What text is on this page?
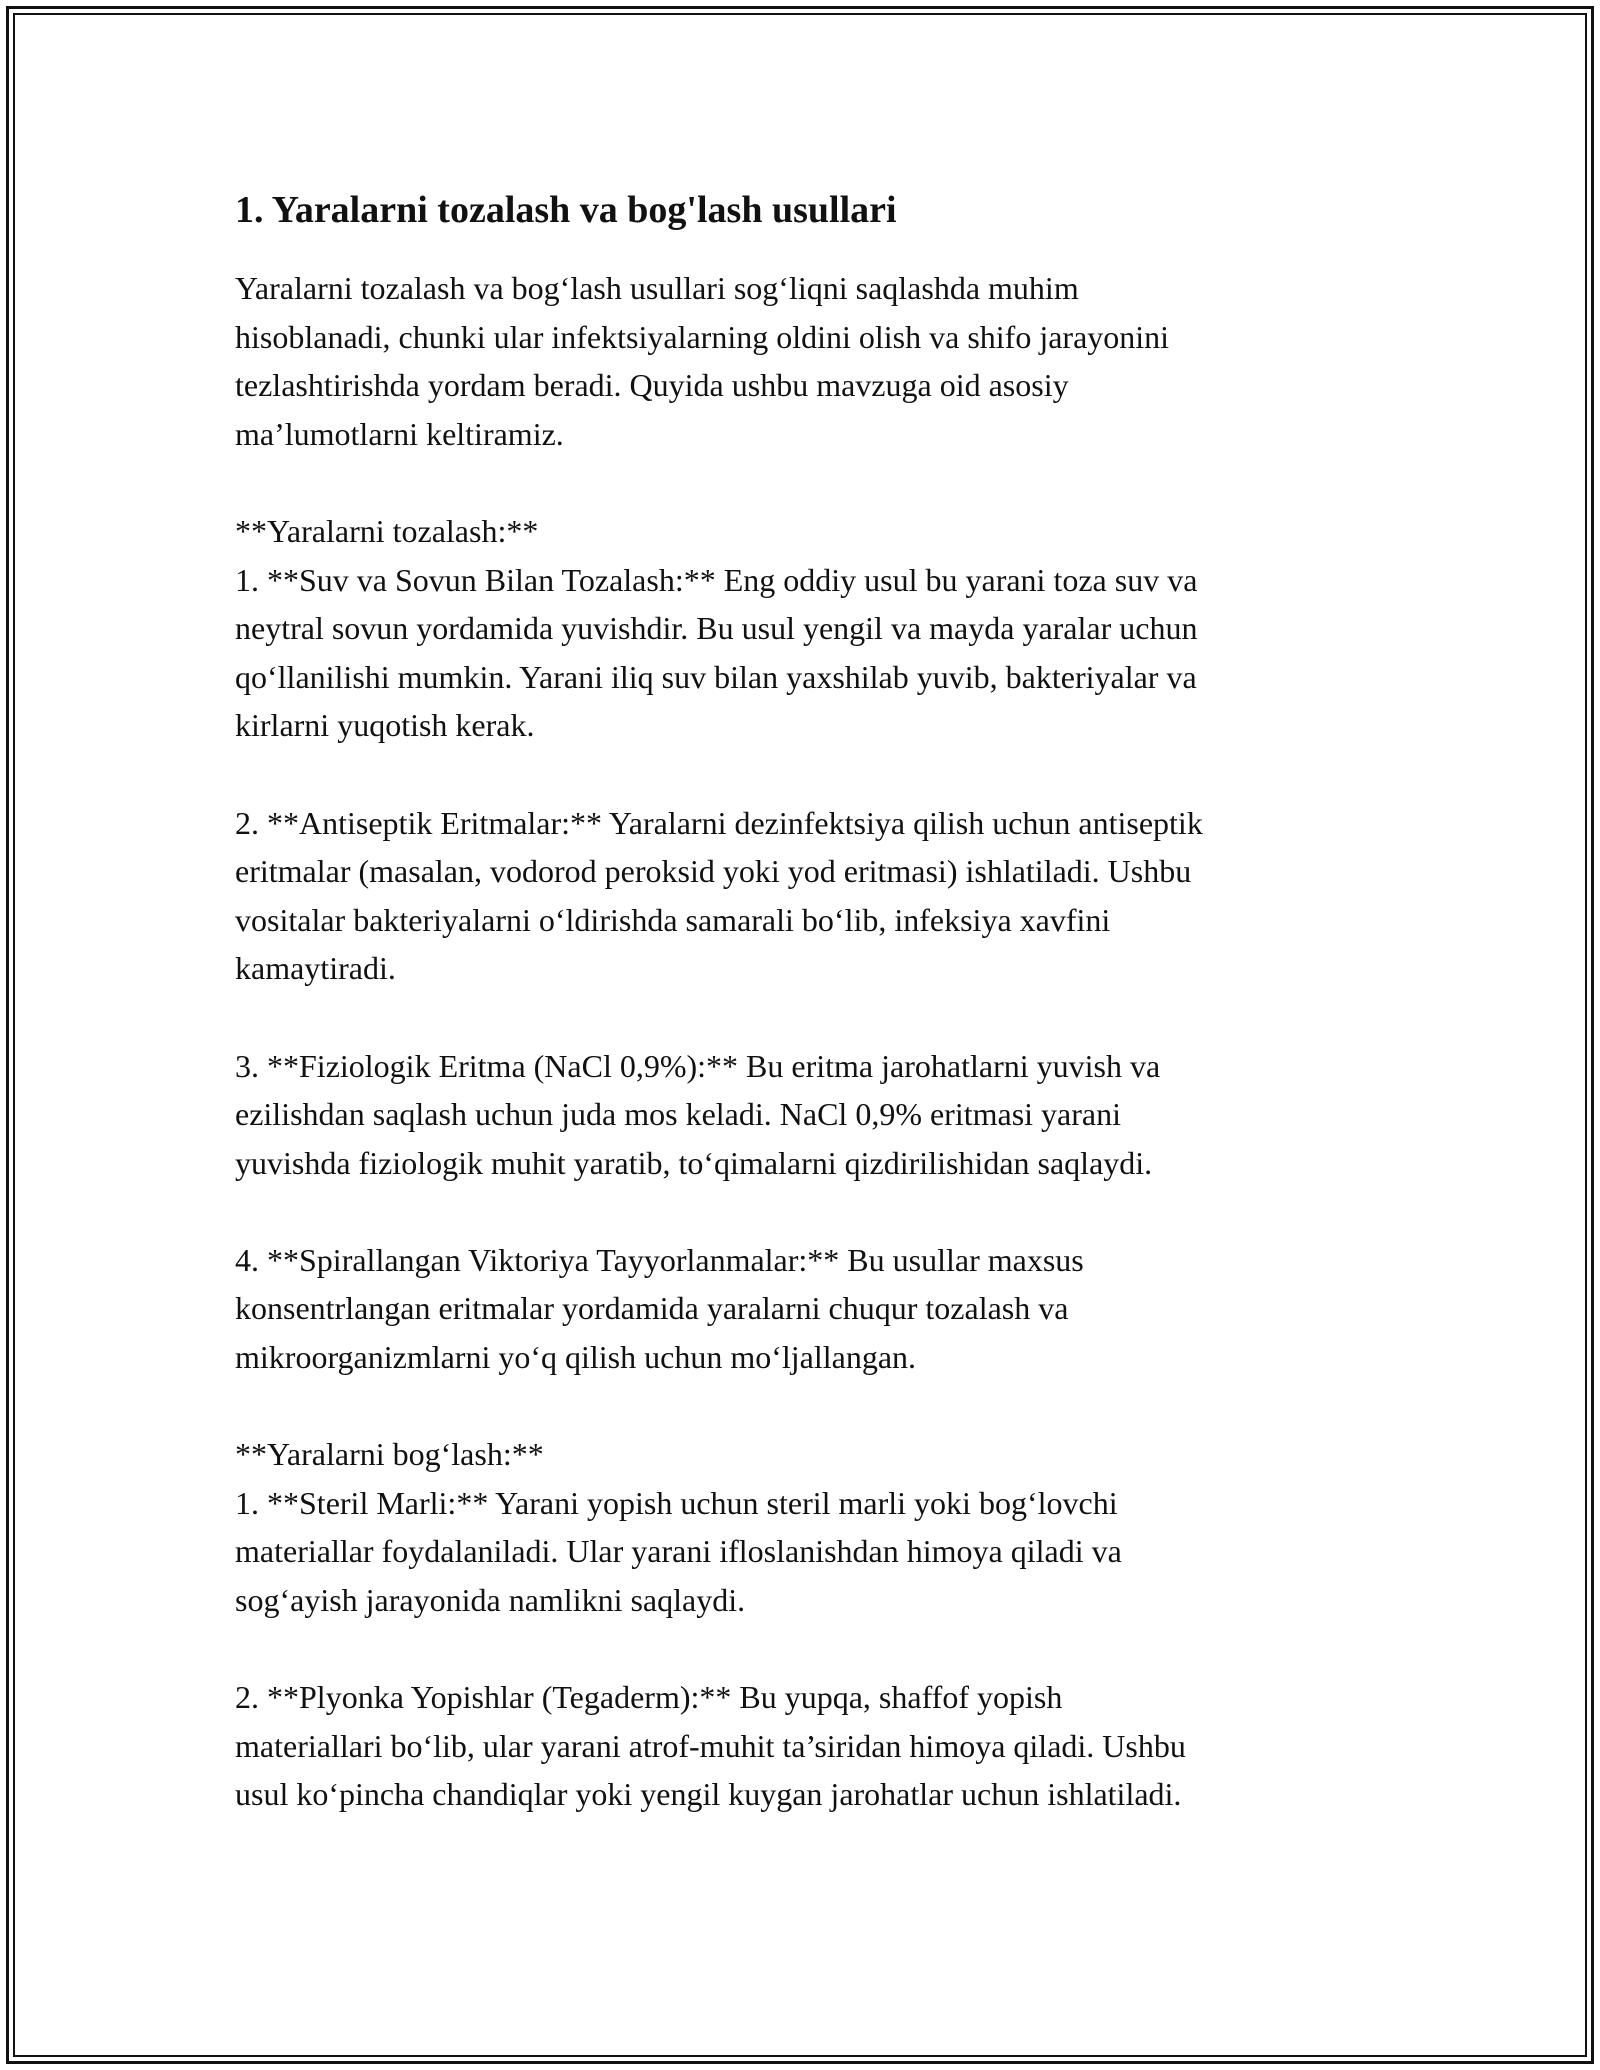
1. Yaralarni tozalash va bog'lash usullari

Yaralarni tozalash va bog‘lash usullari sog‘liqni saqlashda muhim
hisoblanadi, chunki ular infektsiyalarning oldini olish va shifo jarayonini
tezlashtirishda yordam beradi. Quyida ushbu mavzuga oid asosiy
ma’lumotlarni keltiramiz.

**Yaralarni tozalash:**

1. **Suv va Sovun Bilan Tozalash:** Eng oddiy usul bu yarani toza suv va
neytral sovun yordamida yuvishdir. Bu usul yengil va mayda yaralar uchun
qo‘llanilishi mumkin. Yarani iliq suv bilan yaxshilab yuvib, bakteriyalar va
kirlarni yuqotish kerak.

2. **Antiseptik Eritmalar:** Yaralarni dezinfektsiya qilish uchun antiseptik
eritmalar (masalan, vodorod peroksid yoki yod eritmasi) ishlatiladi. Ushbu
vositalar bakteriyalarni o‘ldirishda samarali bo‘lib, infeksiya xavfini
kamaytiradi.

3. **Fiziologik Eritma (NaCl 0,9%):** Bu eritma jarohatlarni yuvish va
ezilishdan saqlash uchun juda mos keladi. NaCl 0,9% eritmasi yarani
yuvishda fiziologik muhit yaratib, to‘qimalarni qizdirilishidan saqlaydi.

4. **Spirallangan Viktoriya Tayyorlanmalar:** Bu usullar maxsus
konsentrlangan eritmalar yordamida yaralarni chuqur tozalash va
mikroorganizmlarni yo‘q qilish uchun mo‘ljallangan.

**Yaralarni bog‘lash:**

1. **Steril Marli:** Yarani yopish uchun steril marli yoki bog‘lovchi
materiallar foydalaniladi. Ular yarani ifloslanishdan himoya qiladi va
sog‘ayish jarayonida namlikni saqlaydi.

2. **Plyonka Yopishlar (Tegaderm):** Bu yupqa, shaffof yopish
materiallari bo‘lib, ular yarani atrof-muhit ta’siridan himoya qiladi. Ushbu
usul ko‘pincha chandiqlar yoki yengil kuygan jarohatlar uchun ishlatiladi.
